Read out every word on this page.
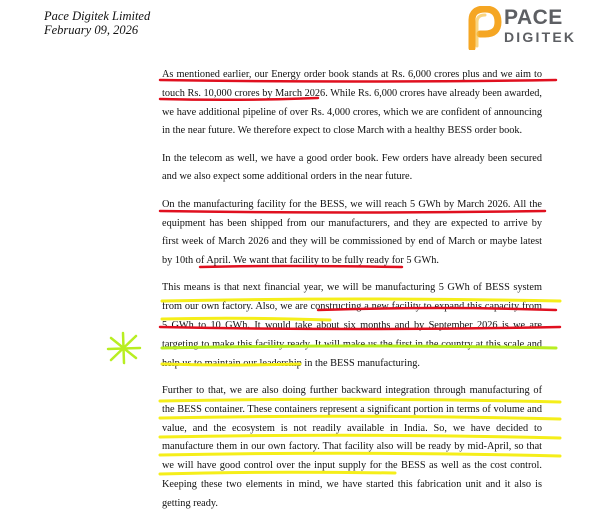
Pace Digitek Limited
February 09, 2026
PACE
DIGITEK

As mentioned earlier, our Energy order book stands at Rs. 6,000 crores plus and we aim to touch Rs. 10,000 crores by March 2026. While Rs. 6,000 crores have already been awarded, we have additional pipeline of over Rs. 4,000 crores, which we are confident of announcing in the near future. We therefore expect to close March with a healthy BESS order book.

In the telecom as well, we have a good order book. Few orders have already been secured and we also expect some additional orders in the near future.

On the manufacturing facility for the BESS, we will reach 5 GWh by March 2026. All the equipment has been shipped from our manufacturers, and they are expected to arrive by first week of March 2026 and they will be commissioned by end of March or maybe latest by 10th of April. We want that facility to be fully ready for 5 GWh.

This means is that next financial year, we will be manufacturing 5 GWh of BESS system from our own factory. Also, we are constructing a new facility to expand this capacity from 5 GWh to 10 GWh. It would take about six months and by September 2026 is we are targeting to make this facility ready. It will make us the first in the country at this scale and help us to maintain our leadership in the BESS manufacturing.

Further to that, we are also doing further backward integration through manufacturing of the BESS container. These containers represent a significant portion in terms of volume and value, and the ecosystem is not readily available in India. So, we have decided to manufacture them in our own factory. That facility also will be ready by mid-April, so that we will have good control over the input supply for the BESS as well as the cost control. Keeping these two elements in mind, we have started this fabrication unit and it also is getting ready.
